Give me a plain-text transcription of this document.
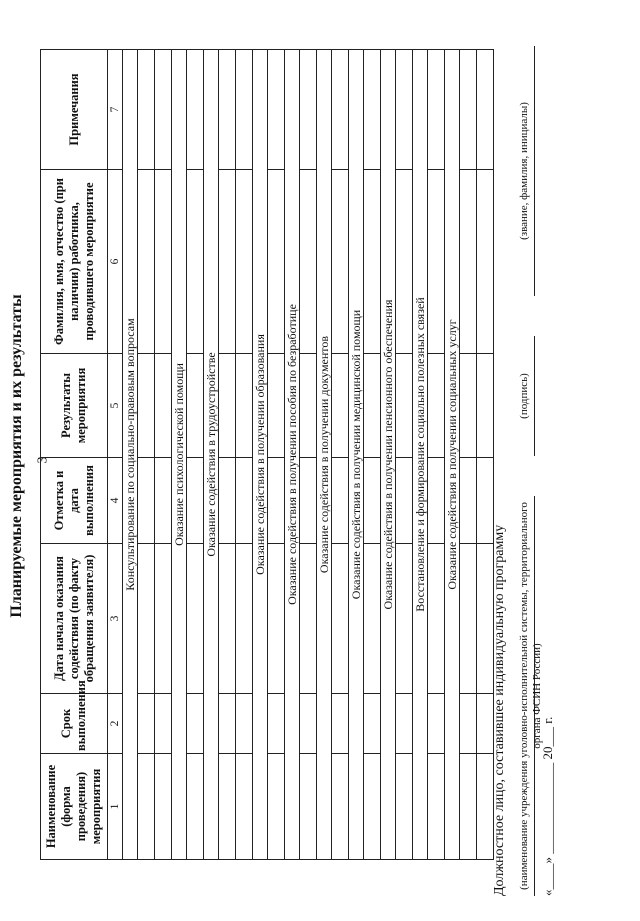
3
Планируемые мероприятия и их результаты
Наименование (форма проведения) мероприятия	Срок выполнения	Дата начала оказания содействия (по факту обращения заявителя)	Отметка и дата выполнения	Результаты мероприятия	Фамилия, имя, отчество (при наличии) работника, проводившего мероприятие	Примечания
1	2	3	4	5	6	7
Консультирование по социально-правовым вопросам						

Оказание психологической помощи						

Оказание содействия в трудоустройстве						

Оказание содействия в получении образования						

Оказание содействия в получении пособия по безработице						

Оказание содействия в получении документов						

Оказание содействия в получении медицинской помощи						

Оказание содействия в получении пенсионного обеспечения						

Восстановление и формирование социально полезных связей						

Оказание содействия в получении социальных услуг						

Должностное лицо, составившее индивидуальную программу	«____» ______________ 20___ г.
(наименование учреждения уголовно-исполнительной системы, территориального органа ФСИН России)
(подпись)
(звание, фамилия, инициалы)
